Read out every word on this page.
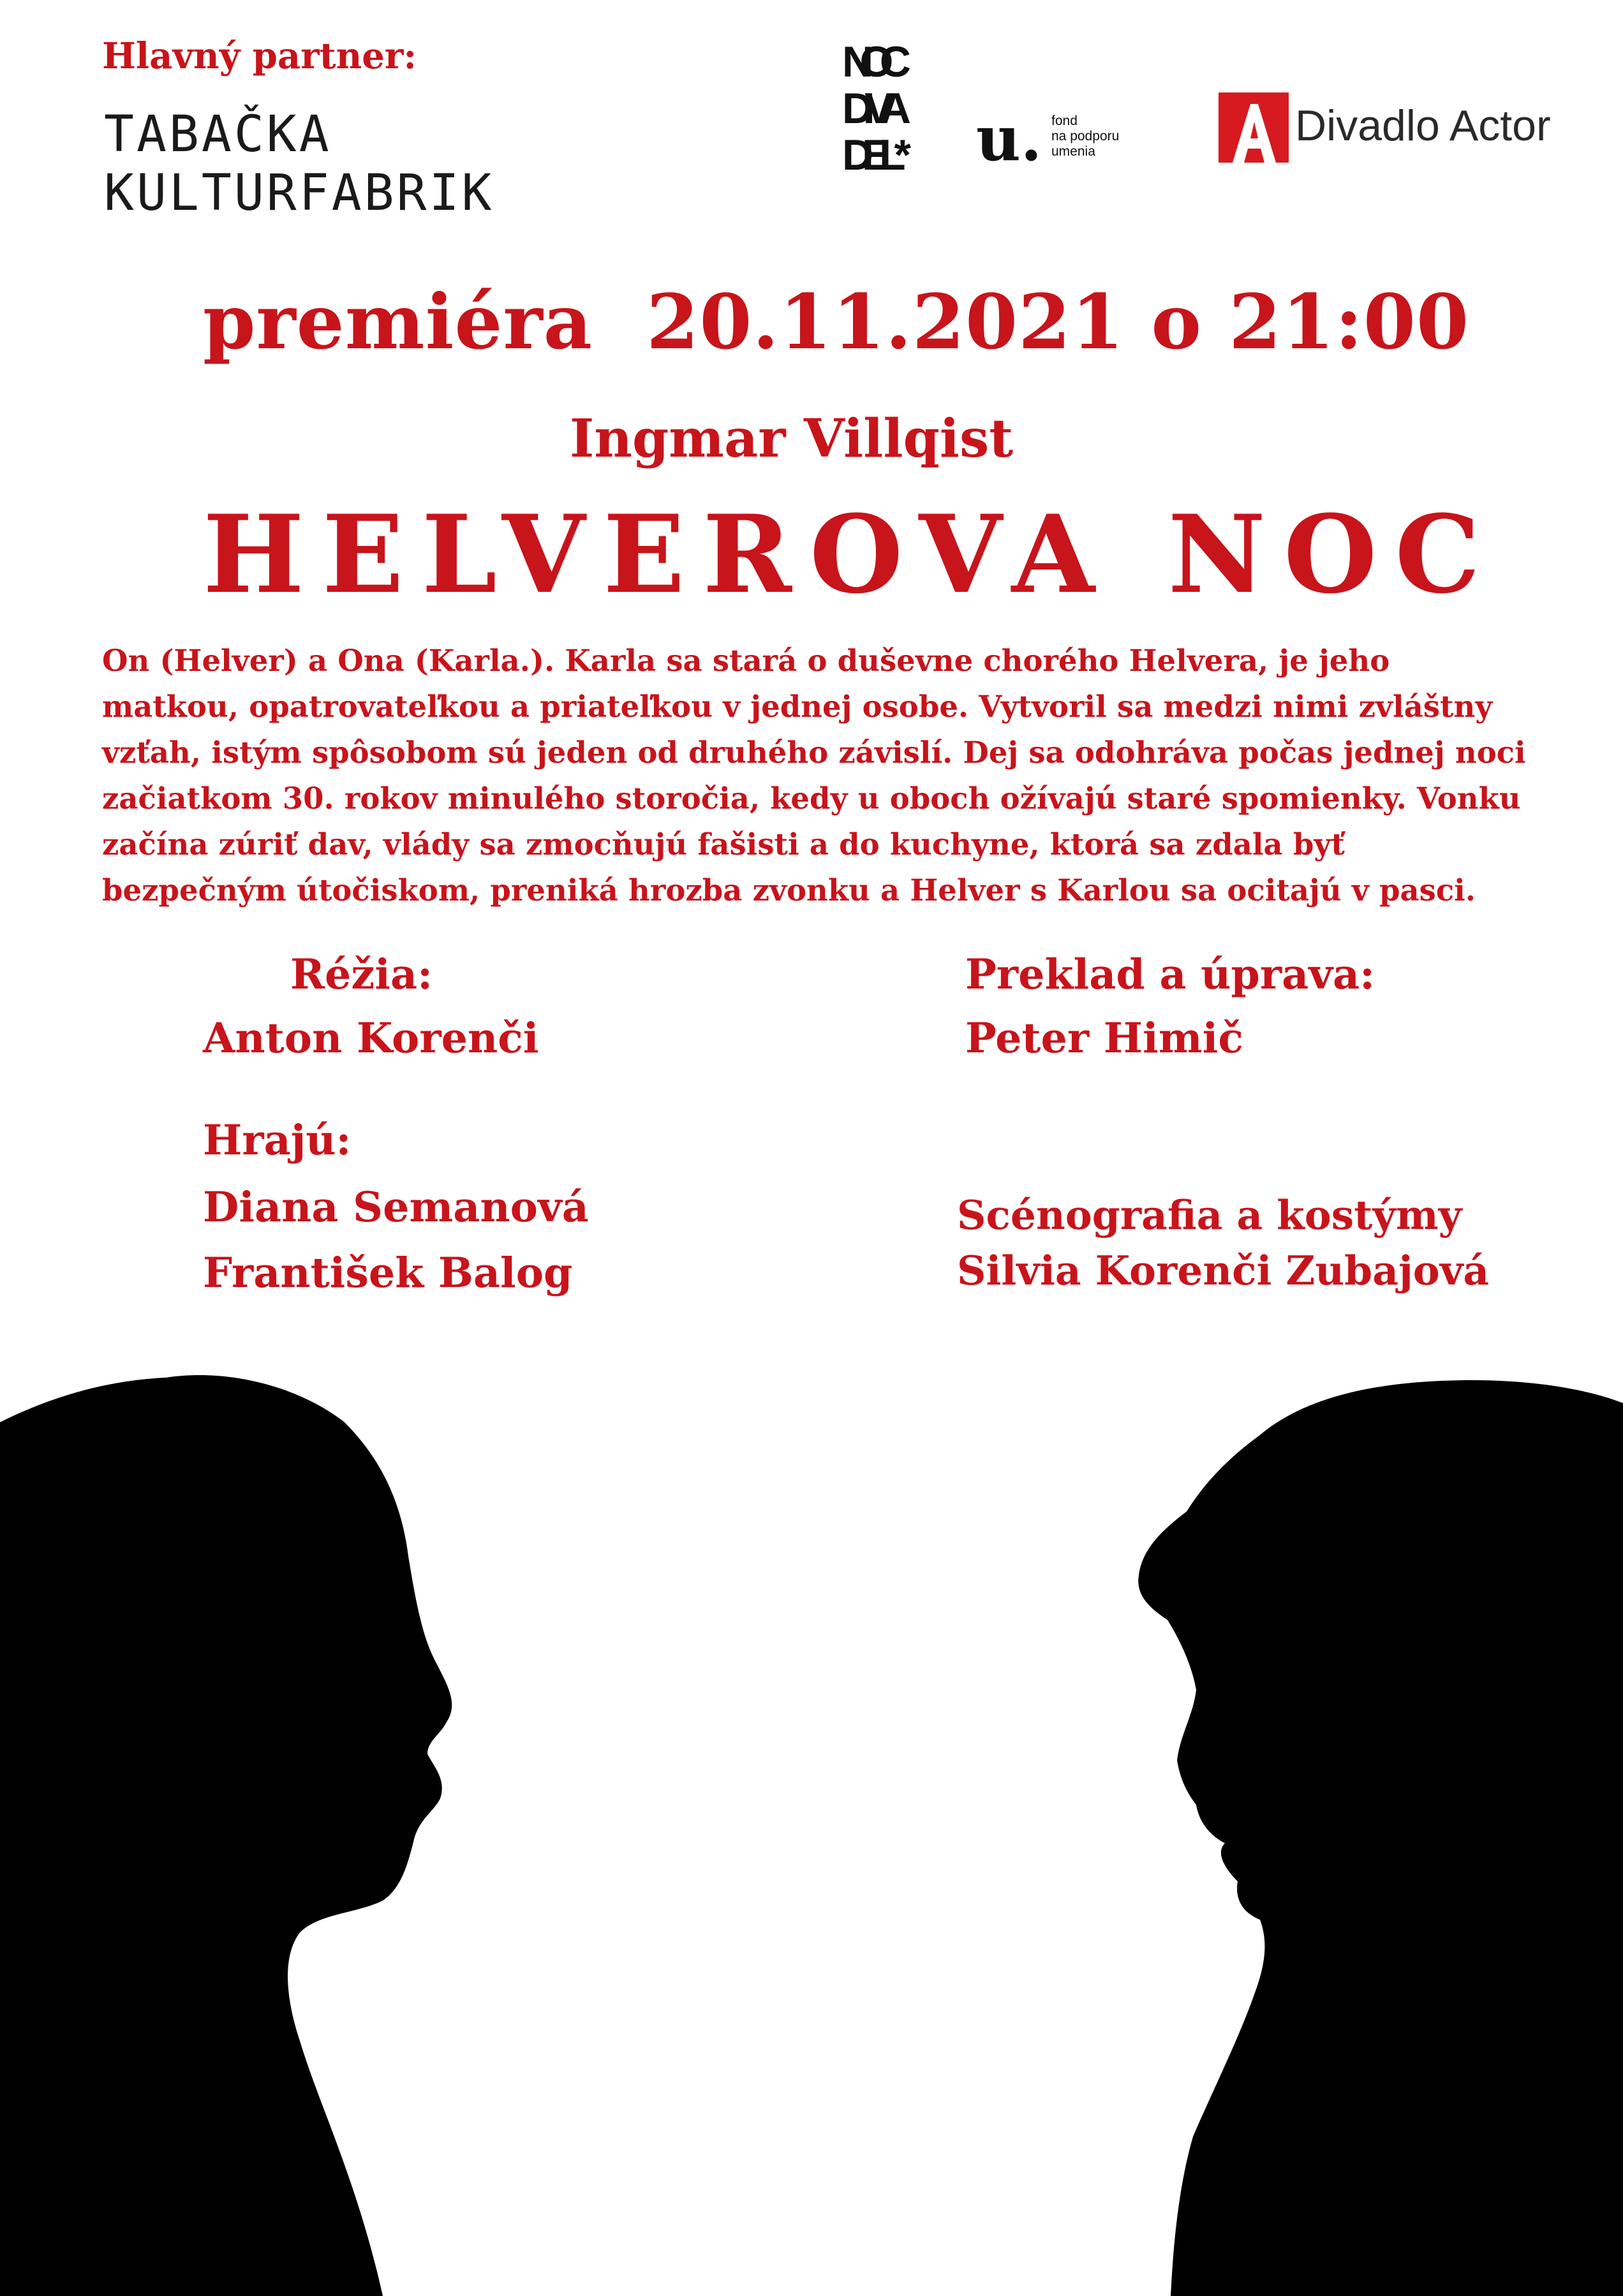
Hlavný partner:
TABAČKA
KULTURFABRIK
NOC
DIVA
DEL* u. fond
na podporu
umenia
Divadlo Actor
premiéra  20.11.2021 o 21:00
Ingmar Villqist
HELVEROVA NOC
On (Helver) a Ona (Karla.). Karla sa stará o duševne chorého Helvera, je jeho matkou, opatrovateľkou a priateľkou v jednej osobe. Vytvoril sa medzi nimi zvláštny vzťah, istým spôsobom sú jeden od druhého závislí. Dej sa odohráva počas jednej noci začiatkom 30. rokov minulého storočia, kedy u oboch ožívajú staré spomienky. Vonku začína zúriť dav, vlády sa zmocňujú fašisti a do kuchyne, ktorá sa zdala byť bezpečným útočiskom, preniká hrozba zvonku a Helver s Karlou sa ocitajú v pasci.
Réžia:
Anton Korenči
Preklad a úprava:
Peter Himič
Hrajú:
Diana Semanová
František Balog
Scénografia a kostýmy
Silvia Korenči Zubajová
